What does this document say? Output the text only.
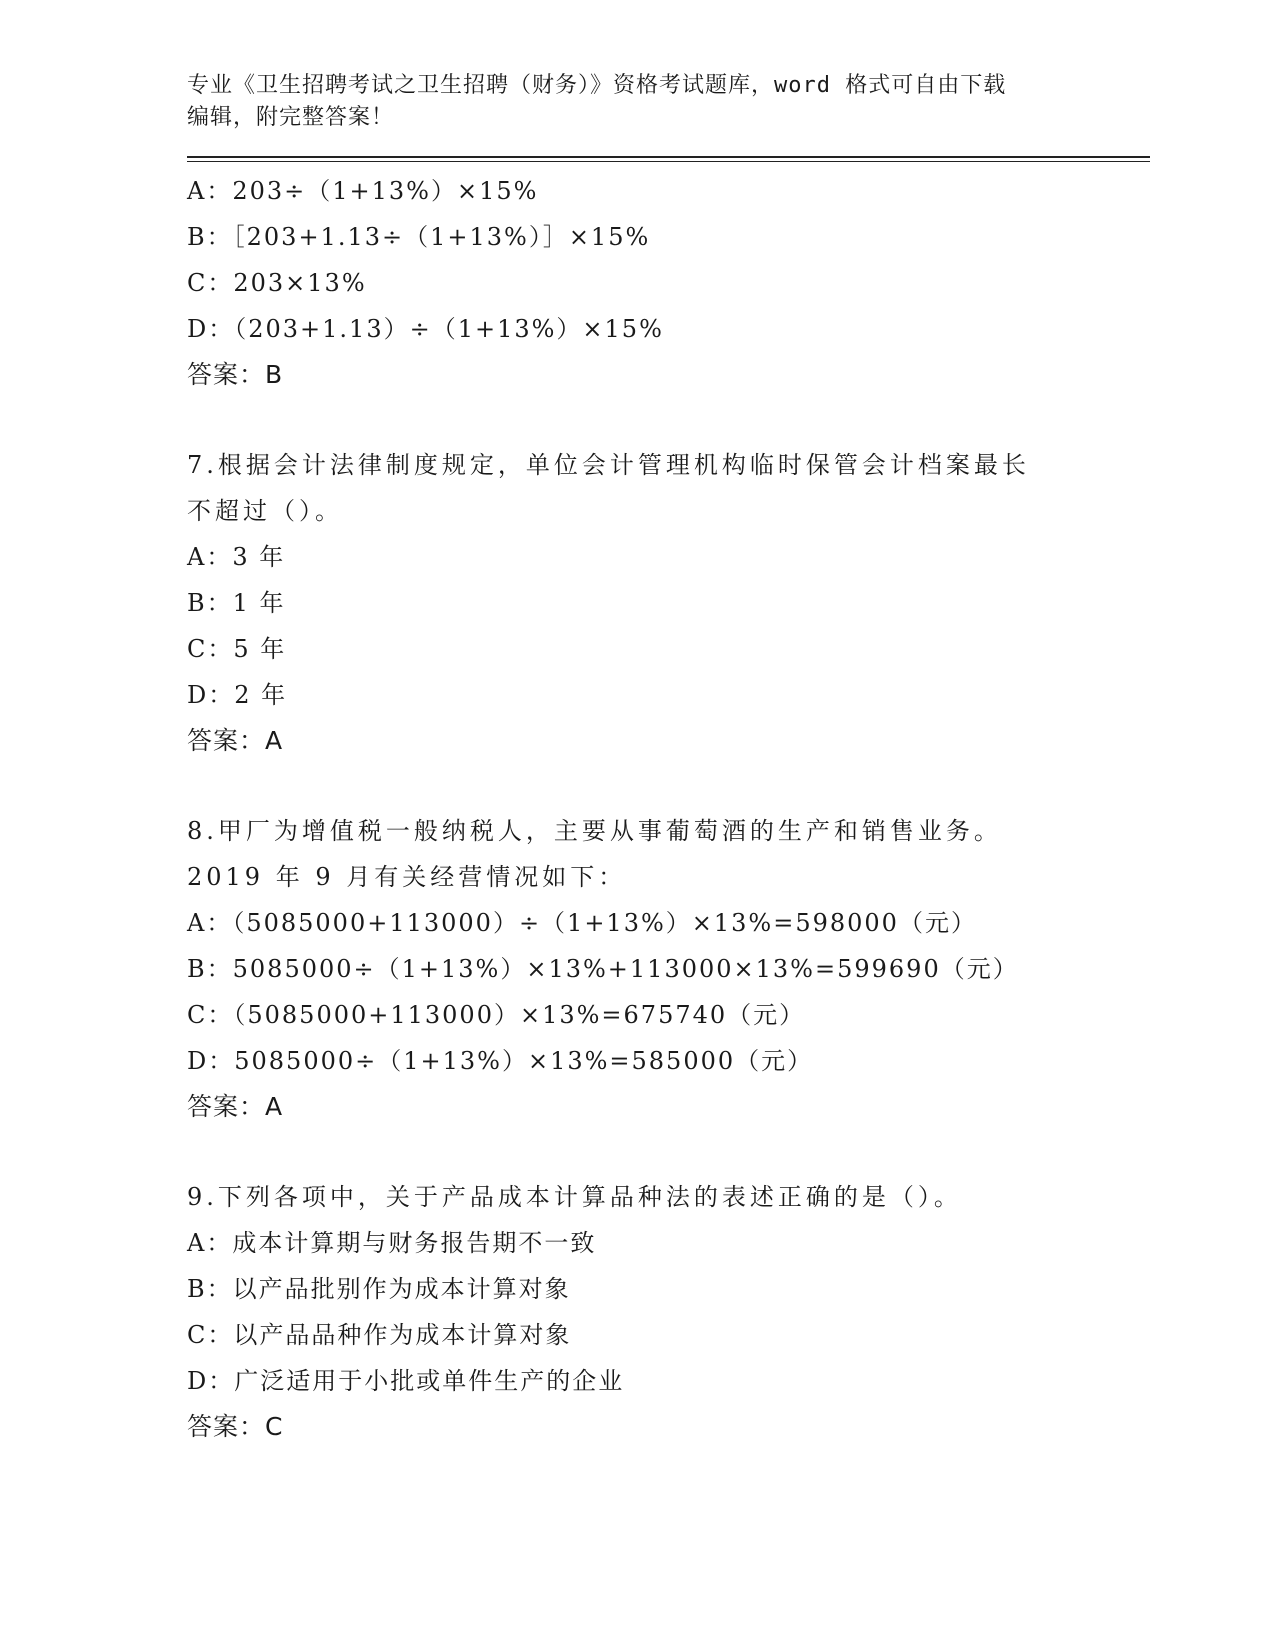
专业《卫生招聘考试之卫生招聘（财务）》资格考试题库，word 格式可自由下载
编辑，附完整答案！
A：203÷（1+13%）×15%
B：［203+1.13÷（1+13%）］×15%
C：203×13%
D：（203+1.13）÷（1+13%）×15%
答案：B
7.根据会计法律制度规定，单位会计管理机构临时保管会计档案最长
不超过（）。
A：3 年
B：1 年
C：5 年
D：2 年
答案：A
8.甲厂为增值税一般纳税人，主要从事葡萄酒的生产和销售业务。
2019 年 9 月有关经营情况如下：
A：（5085000+113000）÷（1+13%）×13%=598000（元）
B：5085000÷（1+13%）×13%+113000×13%=599690（元）
C：（5085000+113000）×13%=675740（元）
D：5085000÷（1+13%）×13%=585000（元）
答案：A
9.下列各项中，关于产品成本计算品种法的表述正确的是（）。
A：成本计算期与财务报告期不一致
B：以产品批别作为成本计算对象
C：以产品品种作为成本计算对象
D：广泛适用于小批或单件生产的企业
答案：C
